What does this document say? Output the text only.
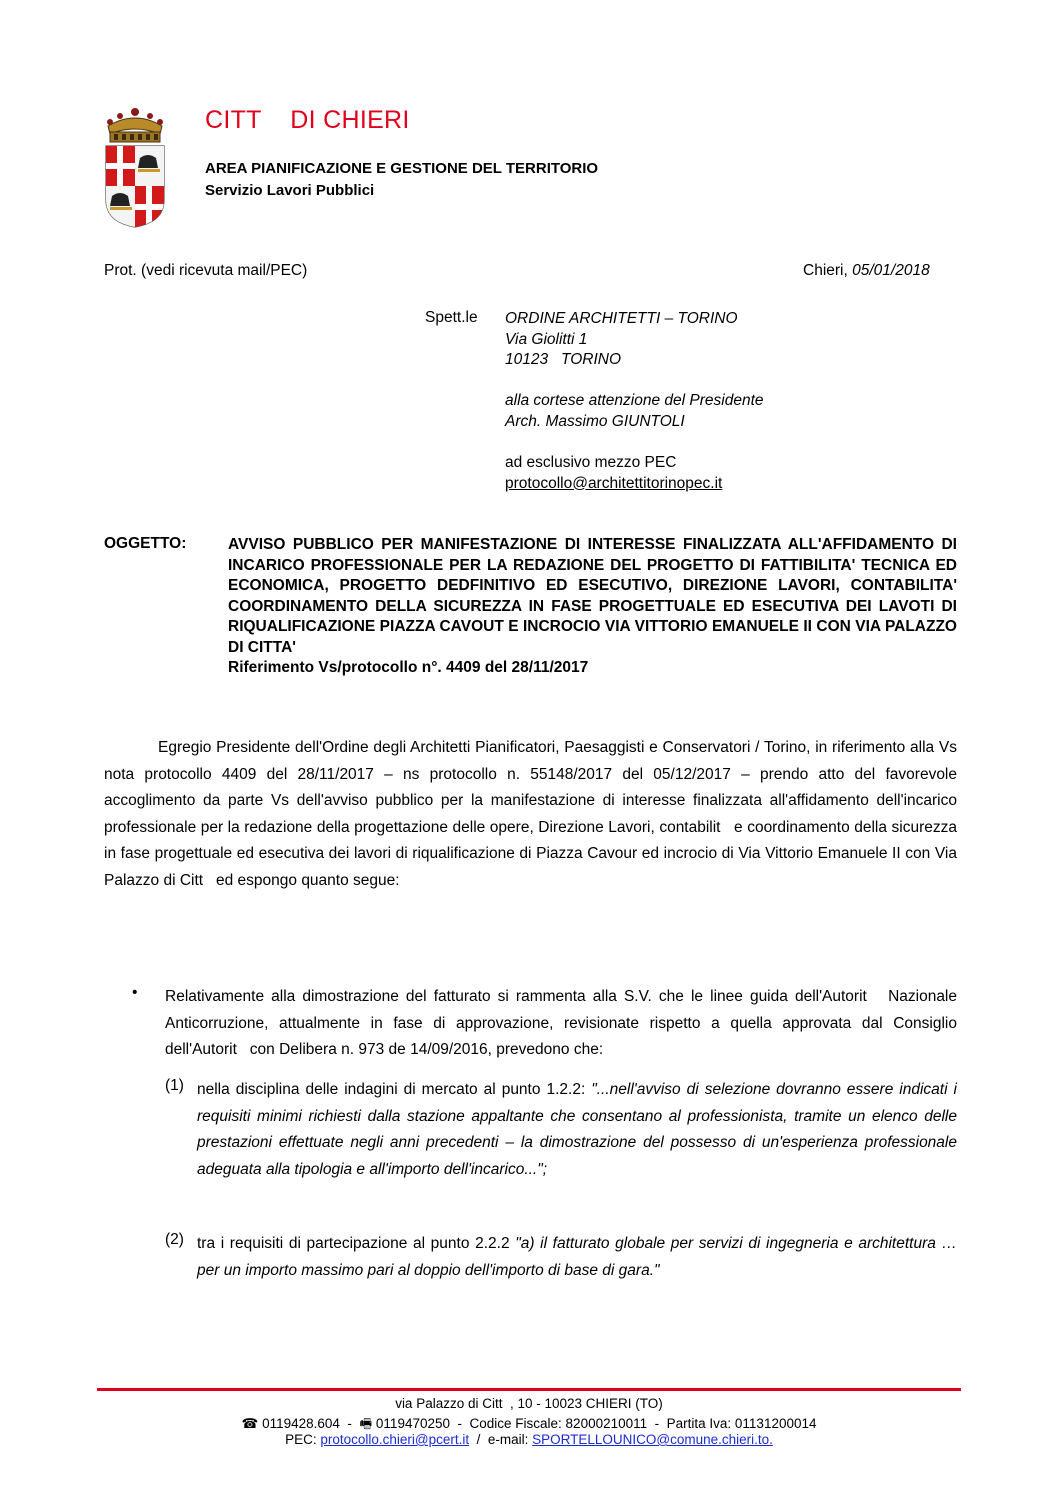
CITT    DI CHIERI
AREA PIANIFICAZIONE E GESTIONE DEL TERRITORIO
Servizio Lavori Pubblici
Prot. (vedi ricevuta mail/PEC)	Chieri, 05/01/2018
Spett.le ORDINE ARCHITETTI – TORINO
Via Giolitti 1
10123   TORINO
alla cortese attenzione del Presidente
Arch. Massimo GIUNTOLI
ad esclusivo mezzo PEC
protocollo@architettitorinopec.it
OGGETTO:	AVVISO PUBBLICO PER MANIFESTAZIONE DI INTERESSE FINALIZZATA ALL'AFFIDAMENTO DI INCARICO PROFESSIONALE PER LA REDAZIONE DEL PROGETTO DI FATTIBILITA' TECNICA ED ECONOMICA, PROGETTO DEDFINITIVO ED ESECUTIVO, DIREZIONE LAVORI, CONTABILITA' COORDINAMENTO DELLA SICUREZZA IN FASE PROGETTUALE ED ESECUTIVA DEI LAVOTI DI RIQUALIFICAZIONE PIAZZA CAVOUT E INCROCIO VIA VITTORIO EMANUELE II CON VIA PALAZZO DI CITTA'
Riferimento Vs/protocollo n°. 4409 del 28/11/2017
Egregio Presidente dell'Ordine degli Architetti Pianificatori, Paesaggisti e Conservatori / Torino, in riferimento alla Vs nota protocollo 4409 del 28/11/2017 – ns protocollo n. 55148/2017 del 05/12/2017 – prendo atto del favorevole accoglimento da parte Vs dell'avviso pubblico per la manifestazione di interesse finalizzata all'affidamento dell'incarico professionale per la redazione della progettazione delle opere, Direzione Lavori, contabilit   e coordinamento della sicurezza in fase progettuale ed esecutiva dei lavori di riqualificazione di Piazza Cavour ed incrocio di Via Vittorio Emanuele II con Via Palazzo di Citt   ed espongo quanto segue:
• Relativamente alla dimostrazione del fatturato si rammenta alla S.V. che le linee guida dell'Autorit   Nazionale Anticorruzione, attualmente in fase di approvazione, revisionate rispetto a quella approvata dal Consiglio dell'Autorit   con Delibera n. 973 de 14/09/2016, prevedono che:
(1) nella disciplina delle indagini di mercato al punto 1.2.2: "...nell'avviso di selezione dovranno essere indicati i requisiti minimi richiesti dalla stazione appaltante che consentano al professionista, tramite un elenco delle prestazioni effettuate negli anni precedenti – la dimostrazione del possesso di un'esperienza professionale adeguata alla tipologia e all'importo dell'incarico...";
(2) tra i requisiti di partecipazione al punto 2.2.2 "a) il fatturato globale per servizi di ingegneria e architettura … per un importo massimo pari al doppio dell'importo di base di gara."
via Palazzo di Citt  , 10 - 10023 CHIERI (TO)
☎ 0119428.604  -  🖷 0119470250  -  Codice Fiscale: 82000210011  -  Partita Iva: 01131200014
PEC: protocollo.chieri@pcert.it  /  e-mail: SPORTELLOUNICO@comune.chieri.to.
